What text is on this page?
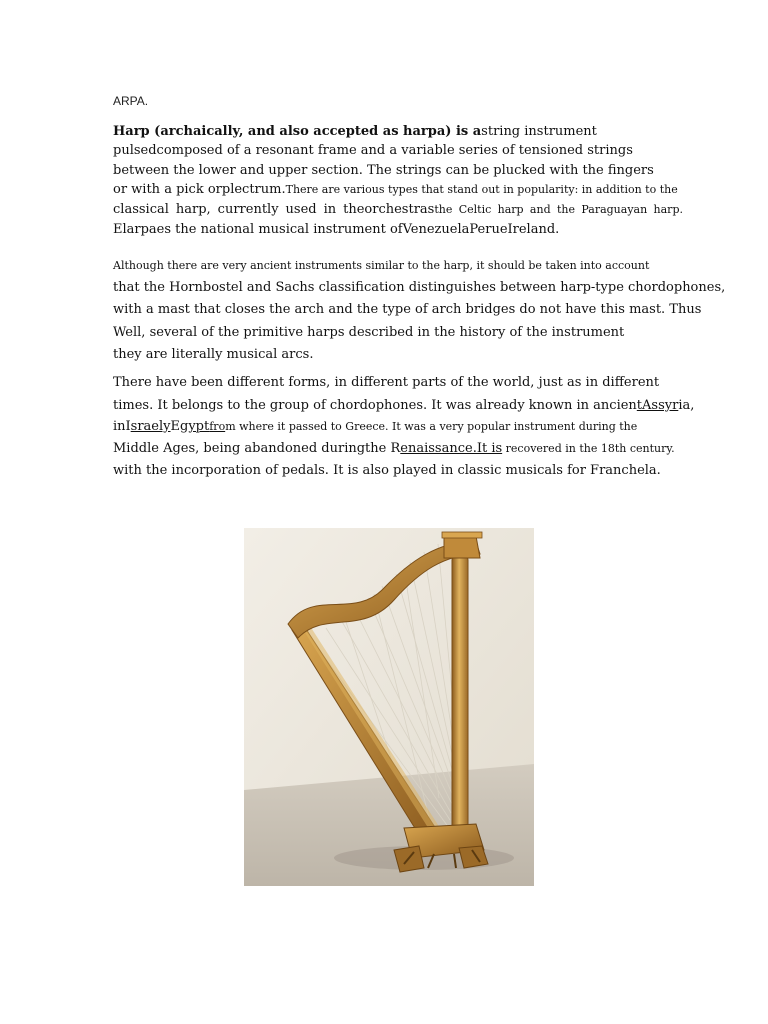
ARPA.
Harp (archaically, and also accepted as harpa) is astring instrument
pulsedcomposed of a resonant frame and a variable series of tensioned strings
between the lower and upper section. The strings can be plucked with the fingers
or with a pick orplectrum.There are various types that stand out in popularity: in addition to the
classical harp, currently used in theorchestrasthe Celtic harp and the Paraguayan harp.
Elarpaes the national musical instrument ofVenezuelaPerueIreland.
Although there are very ancient instruments similar to the harp, it should be taken into account
that the Hornbostel and Sachs classification distinguishes between harp-type chordophones,
with a mast that closes the arch and the type of arch bridges do not have this mast. Thus
Well, several of the primitive harps described in the history of the instrument
they are literally musical arcs.
There have been different forms, in different parts of the world, just as in different
times. It belongs to the group of chordophones. It was already known in ancientAssyria,
inIsraelyEgyptfrom where it passed to Greece. It was a very popular instrument during the
Middle Ages, being abandoned duringthe Renaissance.It is recovered in the 18th century.
with the incorporation of pedals. It is also played in classic musicals for Franchela.
